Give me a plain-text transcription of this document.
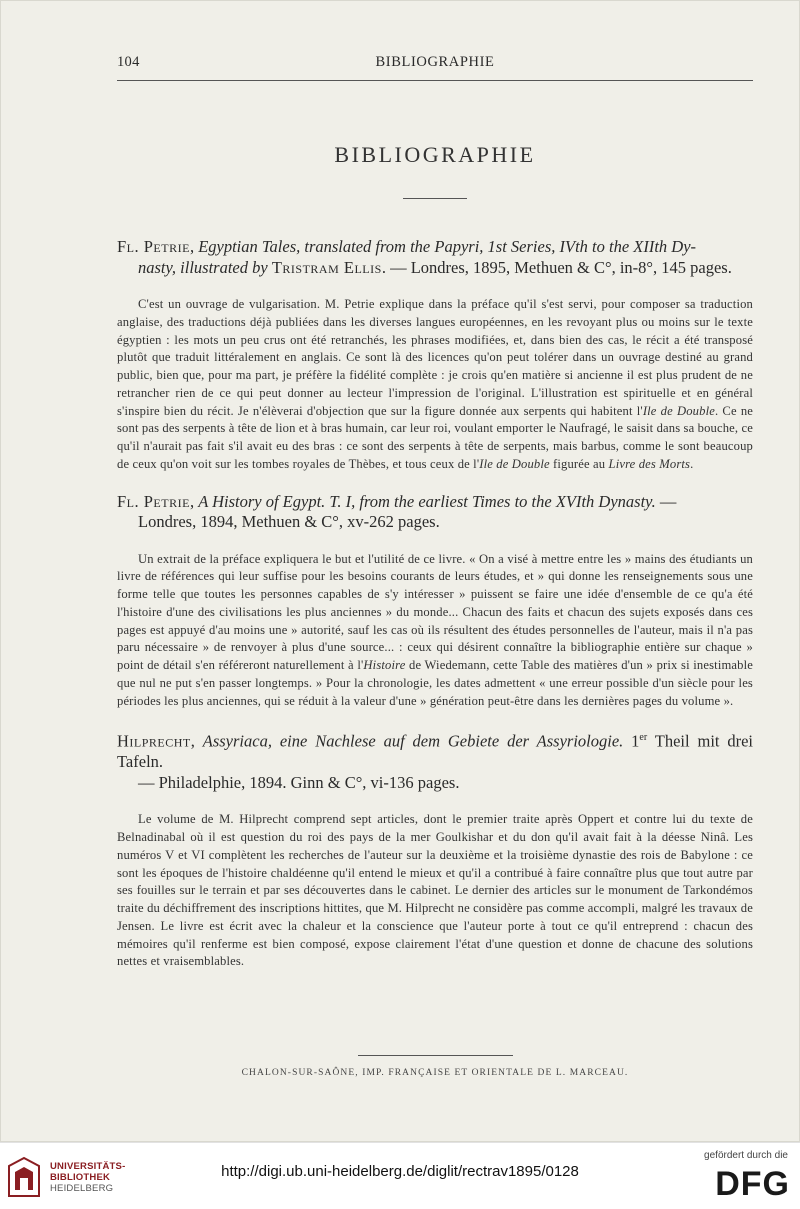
104	BIBLIOGRAPHIE
BIBLIOGRAPHIE
Fl. Petrie, Egyptian Tales, translated from the Papyri, 1st Series, IVth to the XIIth Dy-
nasty, illustrated by Tristram Ellis. — Londres, 1895, Methuen & C°, in-8°, 145 pages.

C'est un ouvrage de vulgarisation. M. Petrie explique dans la préface qu'il s'est servi, pour composer sa traduction anglaise, des traductions déjà publiées dans les diverses langues européennes, en les revoyant plus ou moins sur le texte égyptien : les mots un peu crus ont été retranchés, les phrases modifiées, et, dans bien des cas, le récit a été transposé plutôt que traduit littéralement en anglais. Ce sont là des licences qu'on peut tolérer dans un ouvrage destiné au grand public, bien que, pour ma part, je préfère la fidélité complète : je crois qu'en matière si ancienne il est plus prudent de ne retrancher rien de ce qui peut donner au lecteur l'impression de l'original. L'illustration est spirituelle et en général s'inspire bien du récit. Je n'élèverai d'objection que sur la figure donnée aux serpents qui habitent l'Ile de Double. Ce ne sont pas des serpents à tête de lion et à bras humain, car leur roi, voulant emporter le Naufragé, le saisit dans sa bouche, ce qu'il n'aurait pas fait s'il avait eu des bras : ce sont des serpents à tête de serpents, mais barbus, comme le sont beaucoup de ceux qu'on voit sur les tombes royales de Thèbes, et tous ceux de l'Ile de Double figurée au Livre des Morts.

Fl. Petrie, A History of Egypt. T. I, from the earliest Times to the XVIth Dynasty. —
Londres, 1894, Methuen & C°, xv-262 pages.

Un extrait de la préface expliquera le but et l'utilité de ce livre. « On a visé à mettre entre les » mains des étudiants un livre de références qui leur suffise pour les besoins courants de leurs études, et » qui donne les renseignements sous une forme telle que toutes les personnes capables de s'y intéresser » puissent se faire une idée d'ensemble de ce qu'a été l'histoire d'une des civilisations les plus anciennes » du monde... Chacun des faits et chacun des sujets exposés dans ces pages est appuyé d'au moins une » autorité, sauf les cas où ils résultent des études personnelles de l'auteur, mais il n'a pas paru nécessaire » de renvoyer à plus d'une source... : ceux qui désirent connaître la bibliographie entière sur chaque » point de détail s'en référeront naturellement à l'Histoire de Wiedemann, cette Table des matières d'un » prix si inestimable que nul ne put s'en passer longtemps. » Pour la chronologie, les dates admettent « une erreur possible d'un siècle pour les périodes les plus anciennes, qui se réduit à la valeur d'une » génération peut-être dans les dernières pages du volume ».

Hilprecht, Assyriaca, eine Nachlese auf dem Gebiete der Assyriologie. 1er Theil mit drei Tafeln.
— Philadelphie, 1894. Ginn & C°, vi-136 pages.

Le volume de M. Hilprecht comprend sept articles, dont le premier traite après Oppert et contre lui du texte de Belnadinabal où il est question du roi des pays de la mer Goulkishar et du don qu'il avait fait à la déesse Ninâ. Les numéros V et VI complètent les recherches de l'auteur sur la deuxième et la troisième dynastie des rois de Babylone : ce sont les époques de l'histoire chaldéenne qu'il entend le mieux et qu'il a contribué à faire connaître plus que tout autre par ses fouilles sur le terrain et par ses découvertes dans le cabinet. Le dernier des articles sur le monument de Tarkondémos traite du déchiffrement des inscriptions hittites, que M. Hilprecht ne considère pas comme accompli, malgré les travaux de Jensen. Le livre est écrit avec la chaleur et la conscience que l'auteur porte à tout ce qu'il entreprend : chacun des mémoires qu'il renferme est bien composé, expose clairement l'état d'une question et donne de chacune des solutions nettes et vraisemblables.

CHALON-SUR-SAÔNE, IMP. FRANÇAISE ET ORIENTALE DE L. MARCEAU.
UNIVERSITÄTS-
BIBLIOTHEK
HEIDELBERG
http://digi.ub.uni-heidelberg.de/diglit/rectrav1895/0128
gefördert durch die
DFG
